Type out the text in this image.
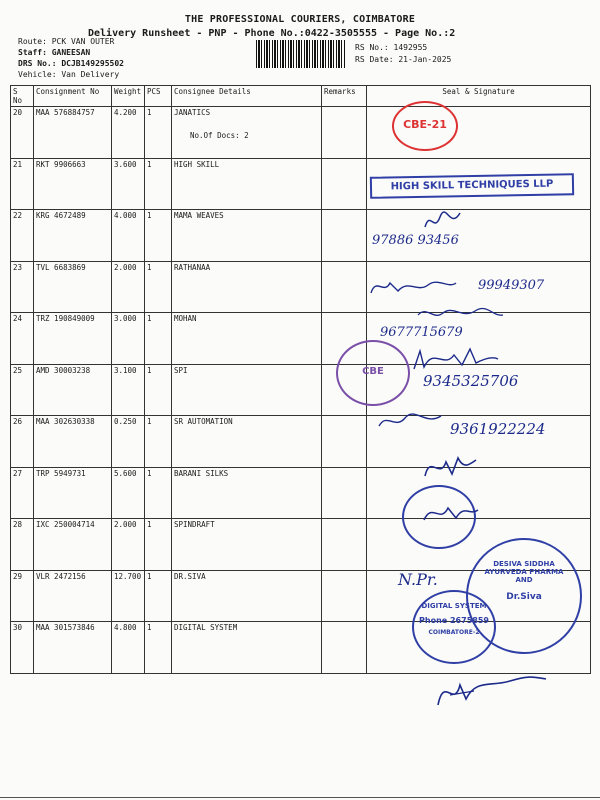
THE PROFESSIONAL COURIERS, COIMBATORE
Delivery Runsheet - PNP - Phone No.:0422-3505555 - Page No.:2
Route: PCK VAN OUTER
Staff: GANEESAN
DRS No.: DCJB149295502
Vehicle: Van Delivery
RS No.: 1492955
RS Date: 21-Jan-2025
S No	Consignment No	Weight	PCS	Consignee Details	Remarks	Seal & Signature
20	MAA 576884757	4.200	1	JANATICS
No.Of Docs: 2		

21	RKT 9906663	3.600	1	HIGH SKILL		
22	KRG 4672489	4.000	1	MAMA WEAVES		
23	TVL 6683869	2.000	1	RATHANAA		
24	TRZ 190849009	3.000	1	MOHAN		
25	AMD 30003238	3.100	1	SPI		
26	MAA 302630338	0.250	1	SR AUTOMATION		
27	TRP 5949731	5.600	1	BARANI SILKS		
28	IXC 250004714	2.000	1	SPINDRAFT		
29	VLR 2472156	12.700	1	DR.SIVA		
30	MAA 301573846	4.800	1	DIGITAL SYSTEM		
CBE-21
HIGH SKILL TECHNIQUES LLP
97886 93456
99949307
9677715679
CBE
9345325706
9361922224
DESIVA SIDDHA AYURVEDA PHARMA AND
Dr.Siva
N.Pr.
DIGITAL SYSTEM
Phone 2675859
COIMBATORE-2
